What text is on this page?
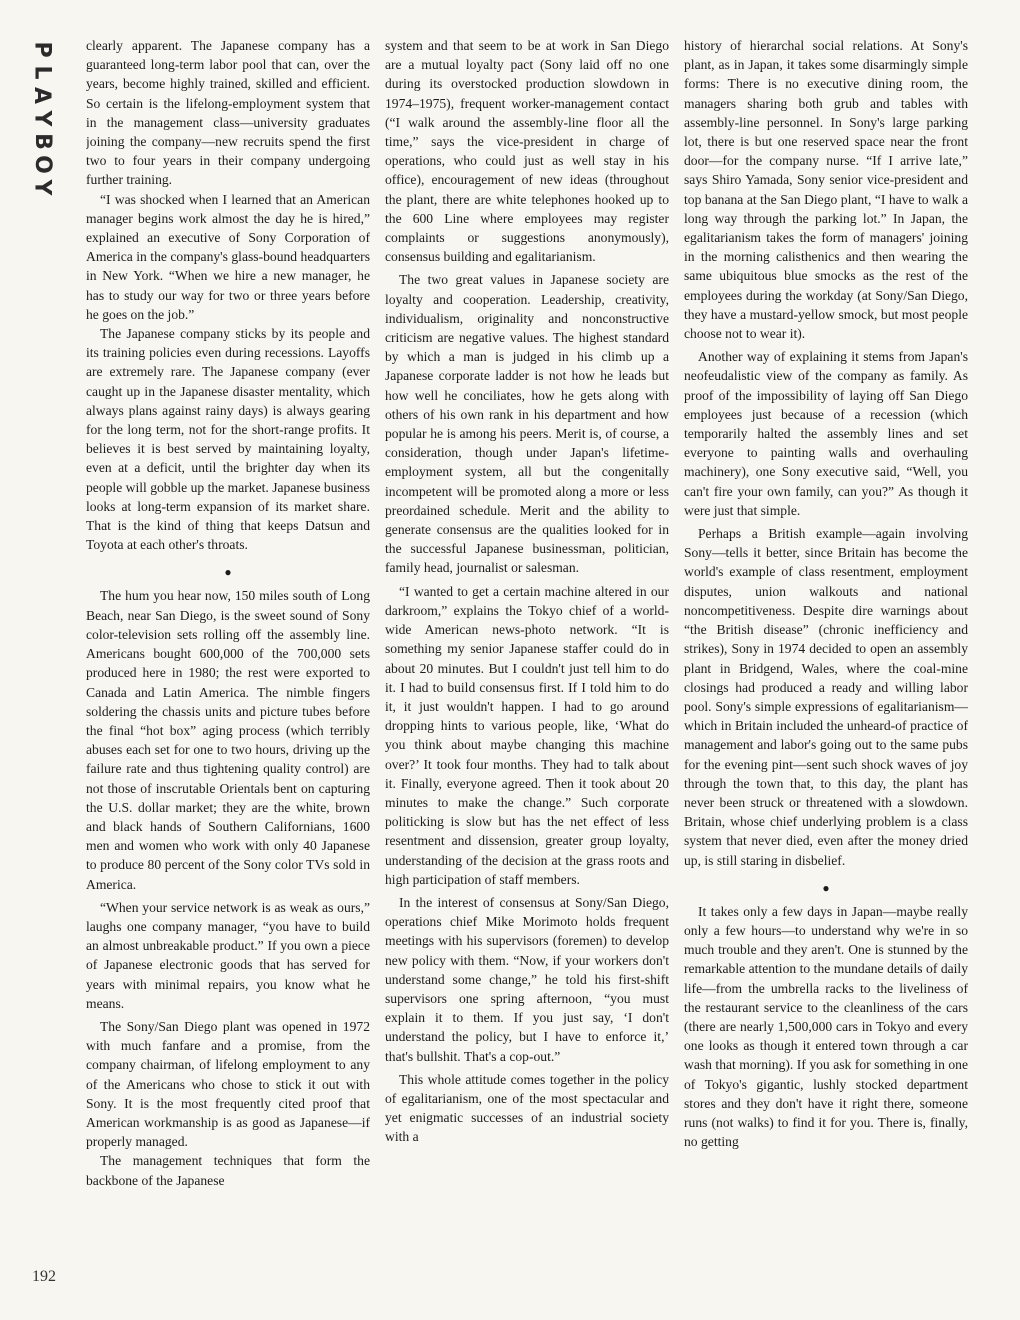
P
L
A
Y
B
O
Y

clearly apparent. The Japanese company has a guaranteed long-term labor pool that can, over the years, become highly trained, skilled and efficient. So certain is the lifelong-employment system that in the management class—university graduates joining the company—new recruits spend the first two to four years in their company undergoing further training.

“I was shocked when I learned that an American manager begins work almost the day he is hired,” explained an executive of Sony Corporation of America in the company's glass-bound headquarters in New York. “When we hire a new manager, he has to study our way for two or three years before he goes on the job.”

The Japanese company sticks by its people and its training policies even during recessions. Layoffs are extremely rare. The Japanese company (ever caught up in the Japanese disaster mentality, which always plans against rainy days) is always gearing for the long term, not for the short-range profits. It believes it is best served by maintaining loyalty, even at a deficit, until the brighter day when its people will gobble up the market. Japanese business looks at long-term expansion of its market share. That is the kind of thing that keeps Datsun and Toyota at each other's throats.

●

The hum you hear now, 150 miles south of Long Beach, near San Diego, is the sweet sound of Sony color-television sets rolling off the assembly line. Americans bought 600,000 of the 700,000 sets produced here in 1980; the rest were exported to Canada and Latin America. The nimble fingers soldering the chassis units and picture tubes before the final “hot box” aging process (which terribly abuses each set for one to two hours, driving up the failure rate and thus tightening quality control) are not those of inscrutable Orientals bent on capturing the U.S. dollar market; they are the white, brown and black hands of Southern Californians, 1600 men and women who work with only 40 Japanese to produce 80 percent of the Sony color TVs sold in America.

“When your service network is as weak as ours,” laughs one company manager, “you have to build an almost unbreakable product.” If you own a piece of Japanese electronic goods that has served for years with minimal repairs, you know what he means.

The Sony/San Diego plant was opened in 1972 with much fanfare and a promise, from the company chairman, of lifelong employment to any of the Americans who chose to stick it out with Sony. It is the most frequently cited proof that American workmanship is as good as Japanese—if properly managed.

The management techniques that form the backbone of the Japanese

system and that seem to be at work in San Diego are a mutual loyalty pact (Sony laid off no one during its overstocked production slowdown in 1974–1975), frequent worker-management contact (“I walk around the assembly-line floor all the time,” says the vice-president in charge of operations, who could just as well stay in his office), encouragement of new ideas (throughout the plant, there are white telephones hooked up to the 600 Line where employees may register complaints or suggestions anonymously), consensus building and egalitarianism.

The two great values in Japanese society are loyalty and cooperation. Leadership, creativity, individualism, originality and nonconstructive criticism are negative values. The highest standard by which a man is judged in his climb up a Japanese corporate ladder is not how he leads but how well he conciliates, how he gets along with others of his own rank in his department and how popular he is among his peers. Merit is, of course, a consideration, though under Japan's lifetime-employment system, all but the congenitally incompetent will be promoted along a more or less preordained schedule. Merit and the ability to generate consensus are the qualities looked for in the successful Japanese businessman, politician, family head, journalist or salesman.

“I wanted to get a certain machine altered in our darkroom,” explains the Tokyo chief of a world-wide American news-photo network. “It is something my senior Japanese staffer could do in about 20 minutes. But I couldn't just tell him to do it. I had to build consensus first. If I told him to do it, it just wouldn't happen. I had to go around dropping hints to various people, like, ‘What do you think about maybe changing this machine over?’ It took four months. They had to talk about it. Finally, everyone agreed. Then it took about 20 minutes to make the change.” Such corporate politicking is slow but has the net effect of less resentment and dissension, greater group loyalty, understanding of the decision at the grass roots and high participation of staff members.

In the interest of consensus at Sony/San Diego, operations chief Mike Morimoto holds frequent meetings with his supervisors (foremen) to develop new policy with them. “Now, if your workers don't understand some change,” he told his first-shift supervisors one spring afternoon, “you must explain it to them. If you just say, ‘I don't understand the policy, but I have to enforce it,’ that's bullshit. That's a cop-out.”

This whole attitude comes together in the policy of egalitarianism, one of the most spectacular and yet enigmatic successes of an industrial society with a

history of hierarchal social relations. At Sony's plant, as in Japan, it takes some disarmingly simple forms: There is no executive dining room, the managers sharing both grub and tables with assembly-line personnel. In Sony's large parking lot, there is but one reserved space near the front door—for the company nurse. “If I arrive late,” says Shiro Yamada, Sony senior vice-president and top banana at the San Diego plant, “I have to walk a long way through the parking lot.” In Japan, the egalitarianism takes the form of managers' joining in the morning calisthenics and then wearing the same ubiquitous blue smocks as the rest of the employees during the workday (at Sony/San Diego, they have a mustard-yellow smock, but most people choose not to wear it).

Another way of explaining it stems from Japan's neofeudalistic view of the company as family. As proof of the impossibility of laying off San Diego employees just because of a recession (which temporarily halted the assembly lines and set everyone to painting walls and overhauling machinery), one Sony executive said, “Well, you can't fire your own family, can you?” As though it were just that simple.

Perhaps a British example—again involving Sony—tells it better, since Britain has become the world's example of class resentment, employment disputes, union walkouts and national noncompetitiveness. Despite dire warnings about “the British disease” (chronic inefficiency and strikes), Sony in 1974 decided to open an assembly plant in Bridgend, Wales, where the coal-mine closings had produced a ready and willing labor pool. Sony's simple expressions of egalitarianism—which in Britain included the unheard-of practice of management and labor's going out to the same pubs for the evening pint—sent such shock waves of joy through the town that, to this day, the plant has never been struck or threatened with a slowdown. Britain, whose chief underlying problem is a class system that never died, even after the money dried up, is still staring in disbelief.

●

It takes only a few days in Japan—maybe really only a few hours—to understand why we're in so much trouble and they aren't. One is stunned by the remarkable attention to the mundane details of daily life—from the umbrella racks to the liveliness of the restaurant service to the cleanliness of the cars (there are nearly 1,500,000 cars in Tokyo and every one looks as though it entered town through a car wash that morning). If you ask for something in one of Tokyo's gigantic, lushly stocked department stores and they don't have it right there, someone runs (not walks) to find it for you. There is, finally, no getting

192
